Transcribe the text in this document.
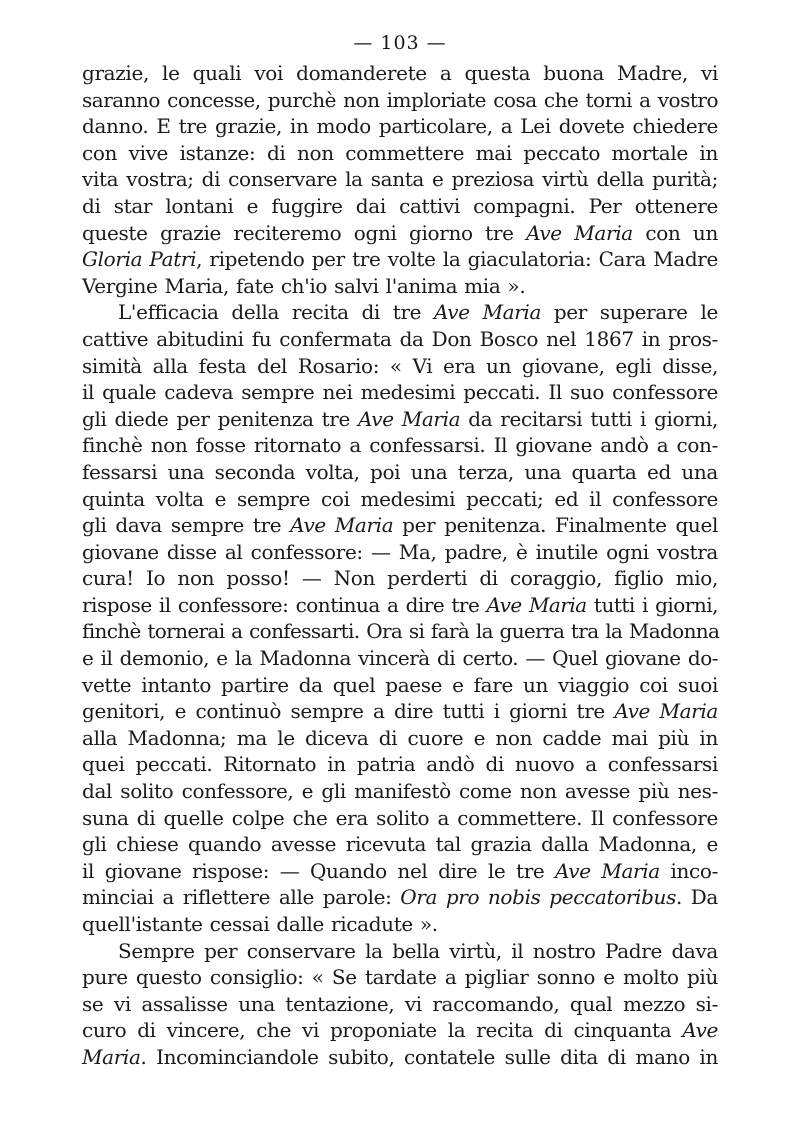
— 103 —
grazie, le quali voi domanderete a questa buona Madre, vi
saranno concesse, purchè non imploriate cosa che torni a vostro
danno. E tre grazie, in modo particolare, a Lei dovete chiedere
con vive istanze: di non commettere mai peccato mortale in
vita vostra; di conservare la santa e preziosa virtù della purità;
di star lontani e fuggire dai cattivi compagni. Per ottenere
queste grazie reciteremo ogni giorno tre Ave Maria con un
Gloria Patri, ripetendo per tre volte la giaculatoria: Cara Madre
Vergine Maria, fate ch'io salvi l'anima mia ».
L'efficacia della recita di tre Ave Maria per superare le
cattive abitudini fu confermata da Don Bosco nel 1867 in pros-
simità alla festa del Rosario: « Vi era un giovane, egli disse,
il quale cadeva sempre nei medesimi peccati. Il suo confessore
gli diede per penitenza tre Ave Maria da recitarsi tutti i giorni,
finchè non fosse ritornato a confessarsi. Il giovane andò a con-
fessarsi una seconda volta, poi una terza, una quarta ed una
quinta volta e sempre coi medesimi peccati; ed il confessore
gli dava sempre tre Ave Maria per penitenza. Finalmente quel
giovane disse al confessore: — Ma, padre, è inutile ogni vostra
cura! Io non posso! — Non perderti di coraggio, figlio mio,
rispose il confessore: continua a dire tre Ave Maria tutti i giorni,
finchè tornerai a confessarti. Ora si farà la guerra tra la Madonna
e il demonio, e la Madonna vincerà di certo. — Quel giovane do-
vette intanto partire da quel paese e fare un viaggio coi suoi
genitori, e continuò sempre a dire tutti i giorni tre Ave Maria
alla Madonna; ma le diceva di cuore e non cadde mai più in
quei peccati. Ritornato in patria andò di nuovo a confessarsi
dal solito confessore, e gli manifestò come non avesse più nes-
suna di quelle colpe che era solito a commettere. Il confessore
gli chiese quando avesse ricevuta tal grazia dalla Madonna, e
il giovane rispose: — Quando nel dire le tre Ave Maria inco-
minciai a riflettere alle parole: Ora pro nobis peccatoribus. Da
quell'istante cessai dalle ricadute ».
Sempre per conservare la bella virtù, il nostro Padre dava
pure questo consiglio: « Se tardate a pigliar sonno e molto più
se vi assalisse una tentazione, vi raccomando, qual mezzo si-
curo di vincere, che vi proponiate la recita di cinquanta Ave
Maria. Incominciandole subito, contatele sulle dita di mano in
